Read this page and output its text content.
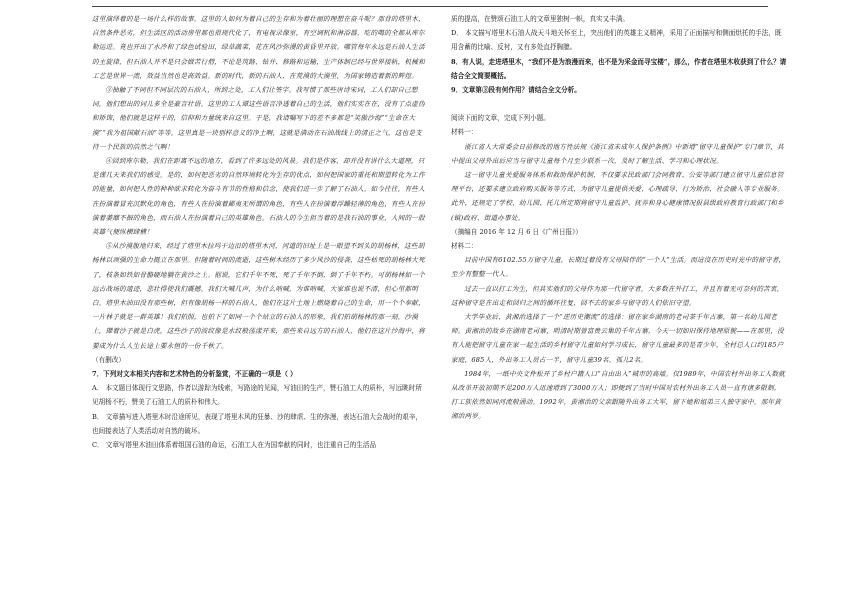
这里演绎着的是一场什么样的故事。这里的人如何为着自己的生存和为着壮丽的理想在奋斗呢？那背的塔里木，自然条件恶劣，但生活区的活动房里都也很现代化了，有电视录像室，有空调机和淋浴器，吃的喝的全都从库尔勒运进。竟也开出了水冷和了绿色试验田，绿草蔬菜，花在风沙弥漫的黄昏里开放。哪管每年永远是石油人生活的主旋律，但石油人并不是只会做苦行僧，不论是筑路、钻井、修路和运输，生产体制已经与世界接轨，机械和工艺是世界一流，效益当然也是高效益。新的时代，新的石油人，在荒漠的大漠里，为国家铸造着新的辉煌。

③抽触了不同但不同层次的石油人，所到之处，工人们让签字。我写惯了那些唐诗宋词，工人们却自己想词，他们想出的词儿多全是豪言壮语。这里的工人谭这些语言净透着自己的生活，他们实实在在，没有了点虚伪和矫饰，他们就是这样干的，信仰和力量统来自这里。于是，我请嘱写下的差不多都是“笑傲沙海”“生命在大漠”“我为祖国献石油”等等。这里真是一块别样意义的净土啊，这就是满动在石油战线上的清正之气，这也是支持一个民族的浩然之气啊！

④回到库尔勒，我们在距离不远的地方，看到了许多远处的风景。我们是作客，却并没有讲什么大道理，只是谨几天来我们的感受。是的，如何把恶劣的自然环境转化为生存的优点，如何把国家的重托和期望转化为工作的能量，如何把人性的种种欲求转化为奋斗有节的性格和信念，使我们进一步了解了石油人。如今往往，有些人在扮演着冒充沉默化的角色，有些人在扮演着鄙夷无所谓的角色，有些人在扮演着浮躁轻薄的角色，有些人在扮演着萎靡不振的角色，而石油人在扮演着自己的英雄角色。石油人的今生担当着的是我石油的事业，人间的一股英雄气便纵横肆横！

⑤从沙漠腹地归来，经过了塔里木拉玛干边沿的塔里木河，河道的旧址上是一眼望不到头的胡杨林，这些胡杨林以顽强的生命力挺立在那里。但随着时间的流逝，这些树木经历了多少风沙的侵袭，这些枯死的胡杨林大死了，枝条如铁如骨骼硬地躺在黄沙之上。据说，它们千年不死，死了千年不倒，倒了千年不朽。可胡杨林如一个远古战场的遗迹，悲壮得使我们震撼。我们大喊几声，为什么呐喊，为谁呐喊，大家谁也说不清，但心里都明白。塔里木油田没有那些树，但有像胡杨一样的石油人，他们在这片土地上燃烧着自己的生命，用一个个奉献，一片林子就是一群英雄！我们拍照，也拍下了如同一个个站立的石油人的形象，我们拍胡杨林的那一刻，沙漠上，撵着沙子就是白虎，这些沙子的波纹像是水纹般荡漾开来，那些来自远方的石油人，他们在这片沙海中，将要成为什么人生长途上要永恒的一份千秋了。

（有删改）

7．下列对文本相关内容和艺术特色的分析鉴赏，不正确的一项是（ ）

A． 本文题目体现行文思路，作者以游踪为线索，写路途的见闻，写油田的生产，赞石油工人的质朴，写远眺时所见胡杨不朽，赞美了石油工人的质朴和伟大。

B． 文章描写进入塔里木时沿途所见，表现了塔里木风的狂暴、沙的肆虐、生的弥漫，表达石油大会战时的艰辛，也间接表达了人类活动对自然的破坏。

C． 文章写塔里木油田体系着组国石油的命运，石油工人在为国奉献的同时，也注重自己的生活品

质的提高，在赞颂石油工人的文章里独树一帜，真实又丰满。

D． 本文描写塔里木石油人战天斗地关怀至上，突出他们的英雄主义精神，采用了正面描写和侧面烘托的手法，既用含蓄的比喻、反衬，又有多处直抒胸臆。

8．有人说，走进塔里木，“我们不是为浪漫而来，也不是为采金而寻宝楼”，那么，作者在塔里木收获到了什么？请结合全文简要概括。

9．文章第③段有何作用？请结合全文分析。

阅读下面的文章，完成下列小题。

材料一：

浙江省人大常委会日前修改的地方性法规《浙江省未成年人保护条例》中新增“留守儿童保护”专门章节，其中提出父母外出后应当与留守儿童每个月至少联系一次，及时了解生活、学习和心理状况。

这一留守儿童关爱服务体系和救助保护机制，不仅要求民政部门会同教育、公安等部门建立留守儿童信息管理平台，还要求建立政府购买服务等方式，为留守儿童提供关爱、心理疏导、行为矫治、社会融入等专业服务。此外，还规定了学校、幼儿园、托儿所定期将留守儿童监护、抚养和身心健康情况报县级政府教育行政部门和乡(镇)政府、街道办事处。

（摘编自 2016 年 12 月 6 日《广州日报》）

材料二：

目前中国有6102.55万留守儿童，长期过着没有父母陪伴的“一个人”生活。而這沒在历史时光中的留守者，至少有整整一代人。

过去一直以打工为生，但其实他们的父母作为那一代留守者，大多数在外打工，并且有着无可奈何的苦衷，这种留守是在出走和回归之间的循环往复，回不去的家乡与留守的人们依旧守望。

大学毕业后，黄湘治选择了一个“逆历史潮流”的选择：留在家乡湖南的老司茶千年古寨，第一名幼儿园老师。黄湘治的故乡在湖南老司寨，明清时期曾富贵云集的千年古寨，今天一切如旧保持地理原貌——在那里，没有人能把留守儿童在家一起生活的乡村留守儿童如何学习成长，留守儿童最多的是青少年，全村总人口约185户家庭，685人，外出务工人员占一半，留守儿童39名，孤儿2名。

1984年，一纸中央文件松开了乡村户籍人口“自由出入”城市的高墙。仅1989年，中国农村外出务工人数就从改革开放初期不足200万人迅速增到了3000万人；即便到了当时中国对农村外出务工人员一直有诸多限制，打工族依然如同河流般涌动。1992年，黄湘治的父亲跟随外出务工大军，留下她和姐弟三人独守家中。那年黄湘治两岁。
